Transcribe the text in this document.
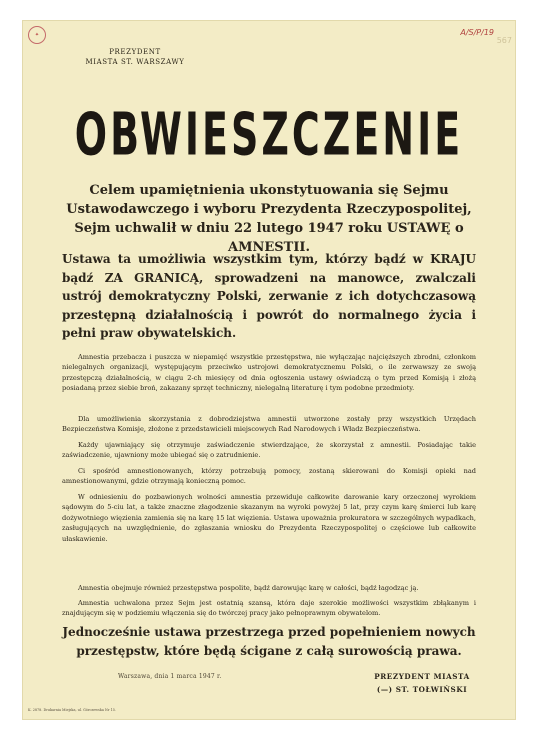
✦	A/S/P/19
567
PREZYDENT
MIASTA ST. WARSZAWY
OBWIESZCZENIE
Celem upamiętnienia ukonstytuowania się Sejmu Ustawodawczego i wyboru Prezydenta Rzeczypospolitej, Sejm uchwalił w dniu 22 lutego 1947 roku USTAWĘ o AMNESTII.
Ustawa ta umożliwia wszystkim tym, którzy bądź w KRAJU bądź ZA GRANICĄ, sprowadzeni na manowce, zwalczali ustrój demokratyczny Polski, zerwanie z ich dotychczasową przestępną działalnością i powrót do normalnego życia i pełni praw obywatelskich.
Amnestia przebacza i puszcza w niepamięć wszystkie przestępstwa, nie wyłączając najcięższych zbrodni, członkom nielegalnych organizacji, występującym przeciwko ustrojowi demokratycznemu Polski, o ile zerwawszy ze swoją przestępczą działalnością, w ciągu 2-ch miesięcy od dnia ogłoszenia ustawy oświadczą o tym przed Komisją i złożą posiadaną przez siebie broń, zakazany sprzęt techniczny, nielegalną literaturę i tym podobne przedmioty.
Dla umożliwienia skorzystania z dobrodziejstwa amnestii utworzone zostały przy wszystkich Urzędach Bezpieczeństwa Komisje, złożone z przedstawicieli miejscowych Rad Narodowych i Władz Bezpieczeństwa.
Każdy ujawniający się otrzymuje zaświadczenie stwierdzające, że skorzystał z amnestii. Posiadając takie zaświadczenie, ujawniony może ubiegać się o zatrudnienie.
Ci spośród amnestionowanych, którzy potrzebują pomocy, zostaną skierowani do Komisji opieki nad amnestionowanymi, gdzie otrzymają konieczną pomoc.
W odniesieniu do pozbawionych wolności amnestia przewiduje całkowite darowanie kary orzeczonej wyrokiem sądowym do 5-ciu lat, a także znaczne złagodzenie skazanym na wyroki powyżej 5 lat, przy czym karę śmierci lub karę dożywotniego więzienia zamienia się na karę 15 lat więzienia. Ustawa upoważnia prokuratora w szczególnych wypadkach, zasługujących na uwzględnienie, do zgłaszania wniosku do Prezydenta Rzeczypospolitej o częściowe lub całkowite ułaskawienie.
Amnestia obejmuje również przestępstwa pospolite, bądź darowując karę w całości, bądź łagodząc ją.
Amnestia uchwalona przez Sejm jest ostatnią szansą, która daje szerokie możliwości wszystkim zbłąkanym i znajdującym się w podziemiu włączenia się do twórczej pracy jako pełnoprawnym obywatelom.
Jednocześnie ustawa przestrzega przed popełnieniem nowych przestępstw, które będą ścigane z całą surowością prawa.
Warszawa, dnia 1 marca 1947 r.	PREZYDENT MIASTA
(—) ST. TOŁWIŃSKI
K. 2878. Drukarnia Miejska, ul. Górczewska Nr 15.
